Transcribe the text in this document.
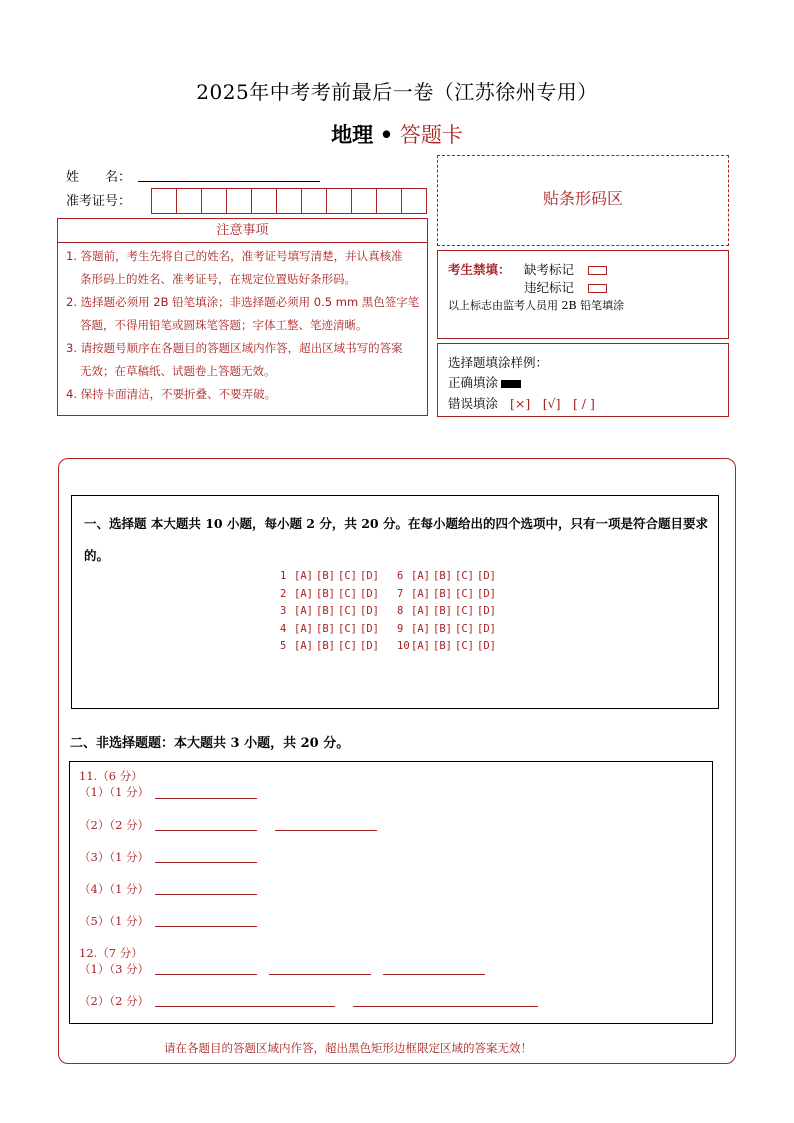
2025年中考考前最后一卷（江苏徐州专用）
地理 • 答题卡
姓　　名：
准考证号：
注意事项
1. 答题前，考生先将自己的姓名，准考证号填写清楚，并认真核准
条形码上的姓名、准考证号，在规定位置贴好条形码。
2. 选择题必须用 2B 铅笔填涂；非选择题必须用 0.5 mm 黑色签字笔
答题，不得用铅笔或圆珠笔答题；字体工整、笔迹清晰。
3. 请按题号顺序在各题目的答题区域内作答，超出区域书写的答案
无效；在草稿纸、试题卷上答题无效。
4. 保持卡面清洁，不要折叠、不要弄破。
贴条形码区
考生禁填： 缺考标记
违纪标记
以上标志由监考人员用 2B 铅笔填涂
选择题填涂样例：
正确填涂
错误填涂 [×]　[√]　[ / ]
一、选择题 本大题共 10 小题，每小题 2 分，共 20 分。在每小题给出的四个选项中，只有一项是符合题目要求的。
1 [A] [B] [C] [D] 6 [A] [B] [C] [D]
2 [A] [B] [C] [D] 7 [A] [B] [C] [D]
3 [A] [B] [C] [D] 8 [A] [B] [C] [D]
4 [A] [B] [C] [D] 9 [A] [B] [C] [D]
5 [A] [B] [C] [D] 10[A] [B] [C] [D]
二、非选择题题：本大题共 3 小题，共 20 分。
11.（6 分）
（1）（1 分）
（2）（2 分）
（3）（1 分）
（4）（1 分）
（5）（1 分）
12.（7 分）
（1）（3 分）
（2）（2 分）
请在各题目的答题区域内作答，超出黑色矩形边框限定区域的答案无效！
